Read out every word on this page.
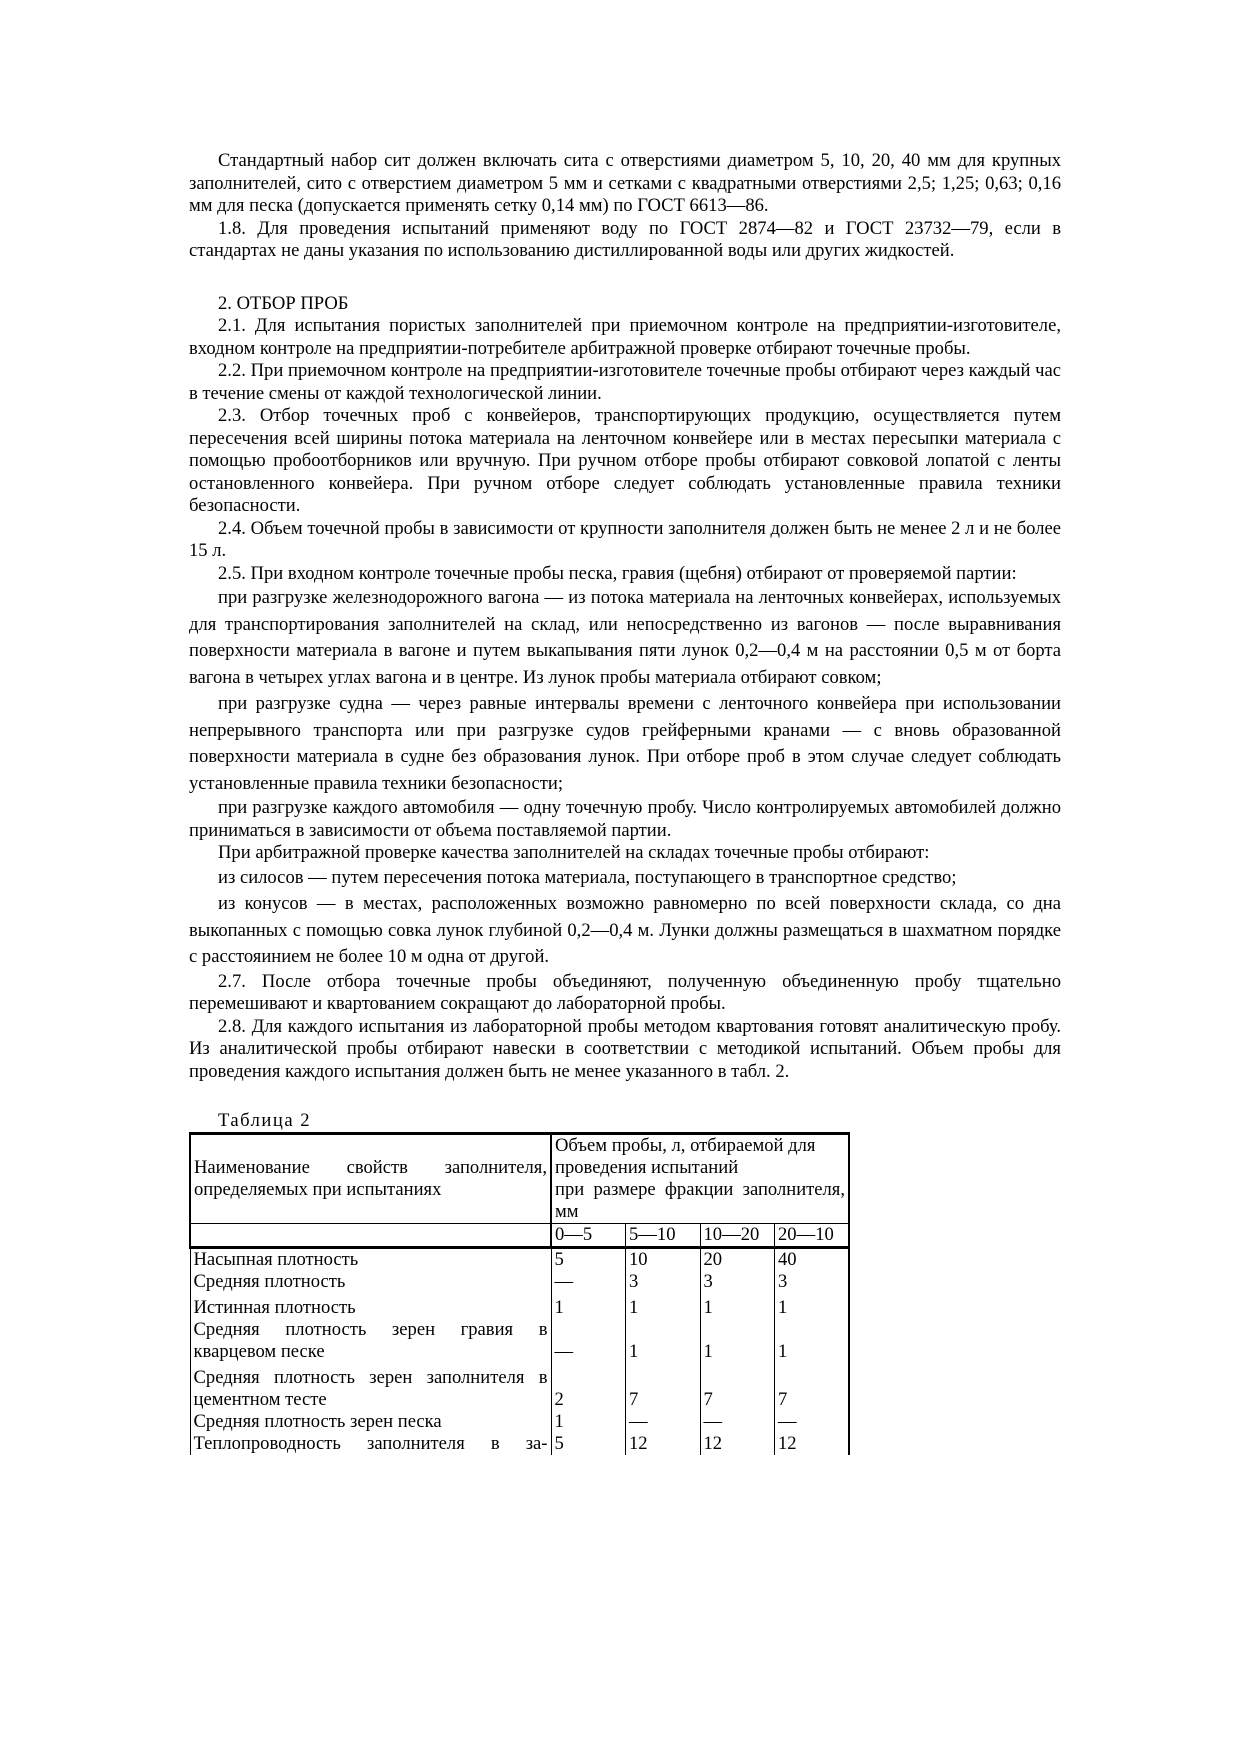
Стандартный набор сит должен включать сита с отверстиями диаметром 5, 10, 20, 40 мм для крупных заполнителей, сито с отверстием диаметром 5 мм и сетками с квадратными отверстиями 2,5; 1,25; 0,63; 0,16 мм для песка (допускается применять сетку 0,14 мм) по ГОСТ 6613—86.

1.8. Для проведения испытаний применяют воду по ГОСТ 2874—82 и ГОСТ 23732—79, если в стандартах не даны указания по использованию дистиллированной воды или других жидкостей.

2. ОТБОР ПРОБ

2.1. Для испытания пористых заполнителей при приемочном контроле на предприятии-изготовителе, входном контроле на предприятии-потребителе арбитражной проверке отбирают точечные пробы.

2.2. При приемочном контроле на предприятии-изготовителе точечные пробы отбирают через каждый час в течение смены от каждой технологической линии.

2.3. Отбор точечных проб с конвейеров, транспортирующих продукцию, осуществляется путем пересечения всей ширины потока материала на ленточном конвейере или в местах пересыпки материала с помощью пробоотборников или вручную. При ручном отборе пробы отбирают совковой лопатой с ленты остановленного конвейера. При ручном отборе следует соблюдать установленные правила техники безопасности.

2.4. Объем точечной пробы в зависимости от крупности заполнителя должен быть не менее 2 л и не более 15 л.

2.5. При входном контроле точечные пробы песка, гравия (щебня) отбирают от проверяемой партии:

при разгрузке железнодорожного вагона — из потока материала на ленточных конвейерах, используемых для транспортирования заполнителей на склад, или непосредственно из вагонов — после выравнивания поверхности материала в вагоне и путем выкапывания пяти лунок 0,2—0,4 м на расстоянии 0,5 м от борта вагона в четырех углах вагона и в центре. Из лунок пробы материала отбирают совком;

при разгрузке судна — через равные интервалы времени с ленточного конвейера при использовании непрерывного транспорта или при разгрузке судов грейферными кранами — с вновь образованной поверхности материала в судне без образования лунок. При отборе проб в этом случае следует соблюдать установленные правила техники безопасности;

при разгрузке каждого автомобиля — одну точечную пробу. Число контролируемых автомобилей должно приниматься в зависимости от объема поставляемой партии.

При арбитражной проверке качества заполнителей на складах точечные пробы отбирают:

из силосов — путем пересечения потока материала, поступающего в транспортное средство;

из конусов — в местах, расположенных возможно равномерно по всей поверхности склада, со дна выкопанных с помощью совка лунок глубиной 0,2—0,4 м. Лунки должны размещаться в шахматном порядке с расстояинием не более 10 м одна от другой.

2.7. После отбора точечные пробы объединяют, полученную объединенную пробу тщательно перемешивают и квартованием сокращают до лабораторной пробы.

2.8. Для каждого испытания из лабораторной пробы методом квартования готовят аналитическую пробу. Из аналитической пробы отбирают навески в соответствии с методикой испытаний. Объем пробы для проведения каждого испытания должен быть не менее указанного в табл. 2.

Таблица 2
Наименование свойств заполнителя, определяемых при испытаниях	Объем пробы, л, отбираемой для проведения испытаний
при размере фракции заполнителя, мм			

	0—5	5—10	10—20	20—10
Насыпная плотность	5	10	20	40
Средняя плотность	—	3	3	3
Истинная плотность	1	1	1	1
Средняя плотность зерен гравия в кварцевом песке	—	1	1	1
Средняя плотность зерен заполнителя в цементном тесте	2	7	7	7
Средняя плотность зерен песка	1	—	—	—
Теплопроводность заполнителя в за-	5	12	12	12
